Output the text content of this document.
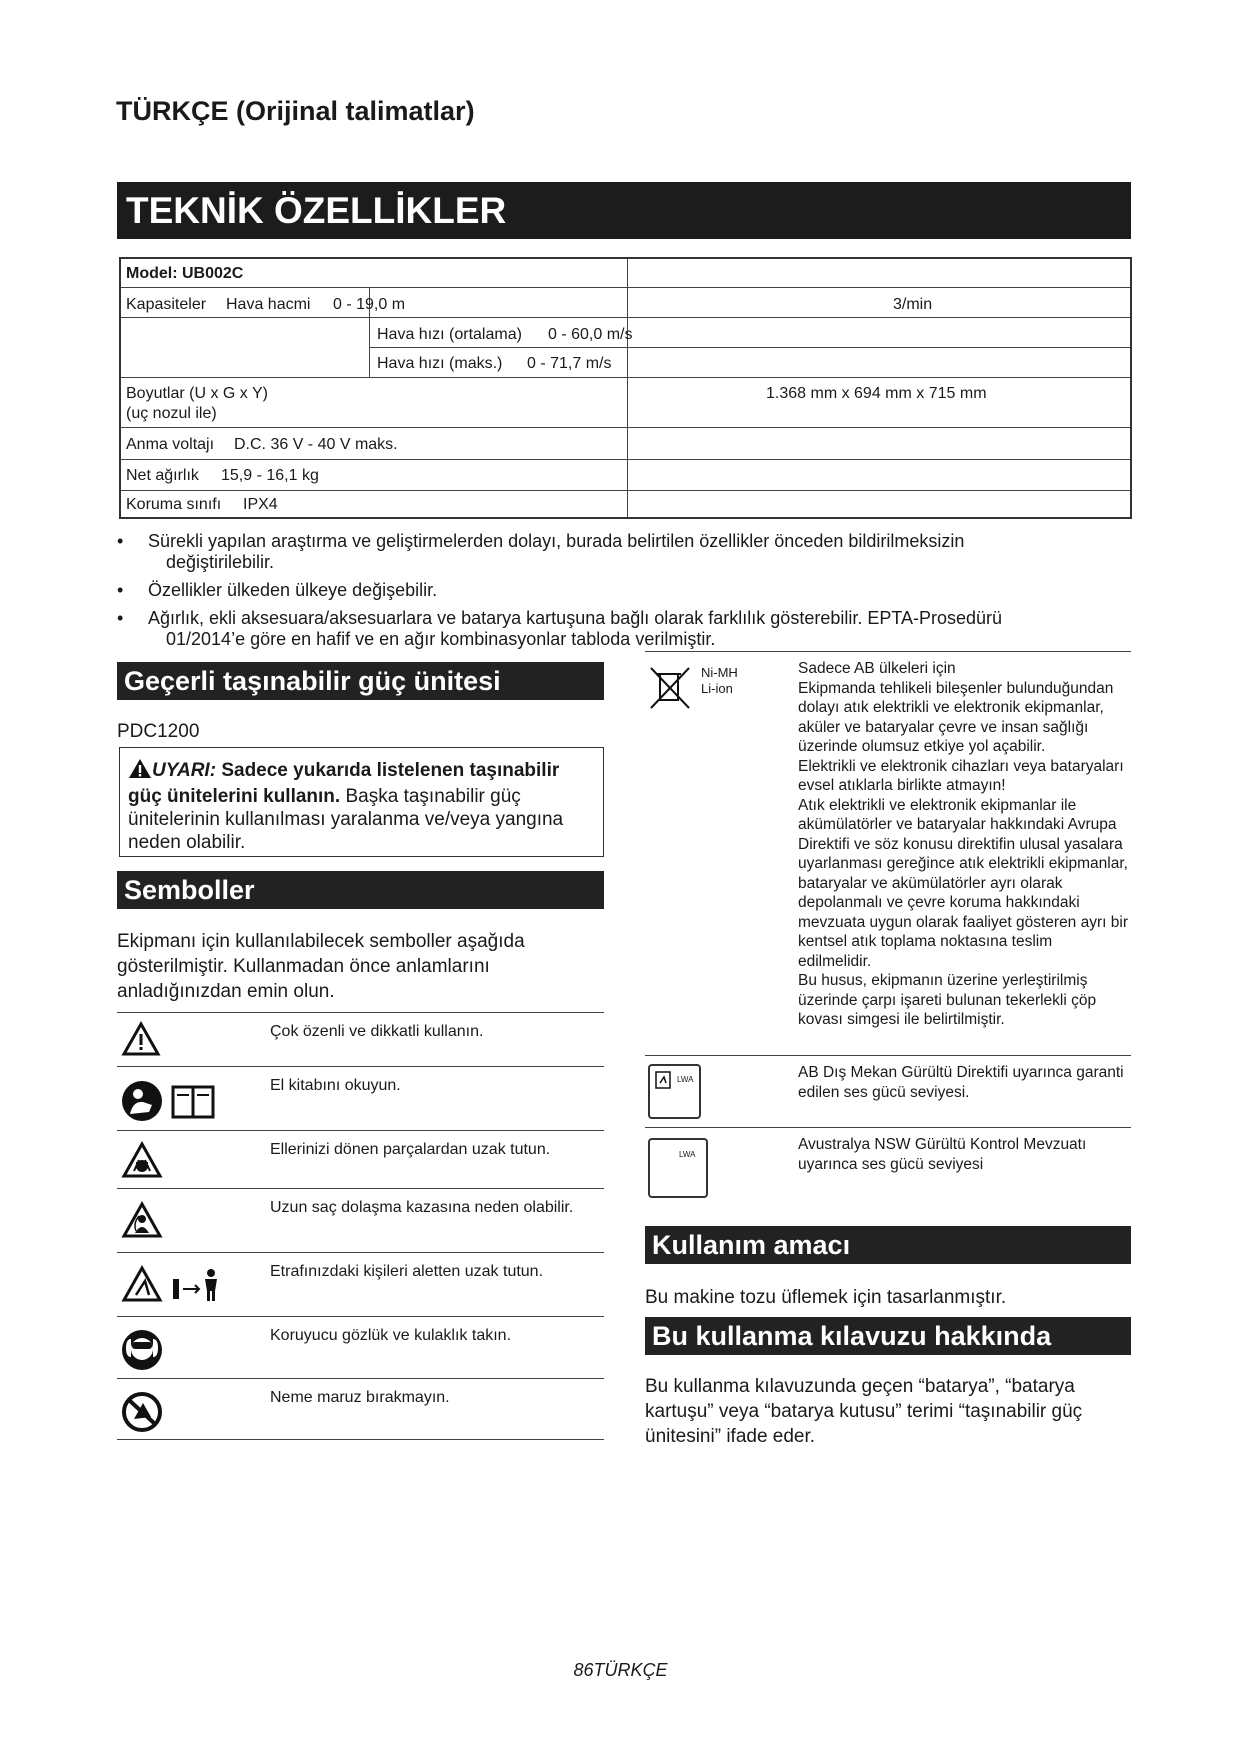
TÜRKÇE (Orijinal talimatlar)
TEKNİK ÖZELLİKLER
Model: UB002C
Kapasiteler Hava hacmi 0 - 19,0 m	3/min
Hava hızı (ortalama) 0 - 60,0 m/s
Hava hızı (maks.) 0 - 71,7 m/s
Boyutlar (U x G x Y)
(uç nozul ile)
1.368 mm x 694 mm x 715 mm
Anma voltajı D.C. 36 V - 40 V maks.
Net ağırlık 15,9 - 16,1 kg
Koruma sınıfı IPX4
• Sürekli yapılan araştırma ve geliştirmelerden dolayı, burada belirtilen özellikler önceden bildirilmeksizin
değiştirilebilir.
• Özellikler ülkeden ülkeye değişebilir.
• Ağırlık, ekli aksesuara/aksesuarlara ve batarya kartuşuna bağlı olarak farklılık gösterebilir. EPTA-Prosedürü
01/2014’e göre en hafif ve en ağır kombinasyonlar tabloda verilmiştir.
Geçerli taşınabilir güç ünitesi
PDC1200
UYARI: Sadece yukarıda listelenen taşınabilir güç ünitelerini kullanın. Başka taşınabilir güç ünitelerinin kullanılması yaralanma ve/veya yangına neden olabilir.
Semboller
Ekipmanı için kullanılabilecek semboller aşağıda gösterilmiştir. Kullanmadan önce anlamlarını anladığınızdan emin olun.
Çok özenli ve dikkatli kullanın.
El kitabını okuyun.
Ellerinizi dönen parçalardan uzak tutun.
Uzun saç dolaşma kazasına neden olabilir.
Etrafınızdaki kişileri aletten uzak tutun.
Koruyucu gözlük ve kulaklık takın.
Neme maruz bırakmayın.
Ni-MH
Li-ion
Sadece AB ülkeleri için
Ekipmanda tehlikeli bileşenler bulunduğundan dolayı atık elektrikli ve elektronik ekipmanlar, aküler ve bataryalar çevre ve insan sağlığı üzerinde olumsuz etkiye yol açabilir.
Elektrikli ve elektronik cihazları veya bataryaları evsel atıklarla birlikte atmayın!
Atık elektrikli ve elektronik ekipmanlar ile akümülatörler ve bataryalar hakkındaki Avrupa Direktifi ve söz konusu direktifin ulusal yasalara uyarlanması gereğince atık elektrikli ekipmanlar, bataryalar ve akümülatörler ayrı olarak depolanmalı ve çevre koruma hakkındaki mevzuata uygun olarak faaliyet gösteren ayrı bir kentsel atık toplama noktasına teslim edilmelidir.
Bu husus, ekipmanın üzerine yerleştirilmiş üzerinde çarpı işareti bulunan tekerlekli çöp kovası simgesi ile belirtilmiştir.
LWA	AB Dış Mekan Gürültü Direktifi uyarınca garanti edilen ses gücü seviyesi.
LWA
Avustralya NSW Gürültü Kontrol Mevzuatı uyarınca ses gücü seviyesi
Kullanım amacı
Bu makine tozu üflemek için tasarlanmıştır.
Bu kullanma kılavuzu hakkında
Bu kullanma kılavuzunda geçen “batarya”, “batarya kartuşu” veya “batarya kutusu” terimi “taşınabilir güç ünitesini” ifade eder.
86TÜRKÇE
